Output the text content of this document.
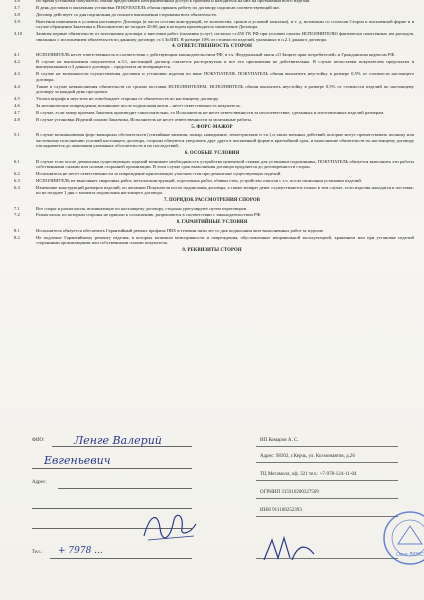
3.6	Во время установки покупатель обязан предоставить неограниченный доступ к проемам и находиться на них на протяжении всего изделия.
3.7	В день доставки и окончания установки ПОКУПАТЕЛЬ обязан принять работу по договору подписав соответствующий акт.
3.8	Договор действует со дня подписания до полного выполнения сторонами всех обязательств.
3.9	Внесения изменения в условия настоящего Договора (в части состава конструкций, ее количества, сроков и условий монтажа), и т. д. возможны со согласия Сторон в письменной форме и в случае обращения Заказчика к Исполнителю не позднее 20:00 дня в котором производится заключение Договора.
3.10	Занятия первые обязательств от исполнения договора о внесении работ (оказания услуг) согласно ст.450 ГК РФ при условии оплаты ИСПОЛНИТЕЛЮ фактически понесенных им расходов, связанных с исполнением обязательств по данному договору ст.3 ЗоЗПП. В размере 10% от стоимости изделий, указанных в п.2.1 данного договора.
4. ОТВЕТСТВЕННОСТЬ СТОРОН
4.1	ИСПОЛНИТЕЛЬ несет ответственность в соответствии с действующим законодательством РФ, в т.ч. Федеральный закон «О Защите прав потребителей» и Гражданским кодексом РФ.
4.2	В случае не выполнения покупателем п.3.1, настоящий договор считается расторгнутым и все его приложения не действительны. В случае непоставки покупателем предоплаты в вышеуказанном п.3 данного договора – предоплата не возвращается.
4.3	В случае не возможности осуществления доставки и установки изделия по вине ПОКУПАТЕЛЯ, ПОКУПАТЕЛЬ обязан выплатить неустойку в размере 0,5% от стоимости настоящего договора.
4.4	Также в случае невыполнения обязательств по срокам поставки ИСПОЛНИТЕЛЕМ, ИСПОЛНИТЕЛЬ обязан выплатить неустойку в размере 0,5% от стоимости изделий по настоящему договору за каждый день просрочки.
4.5	Уплата штрафа и неустоек не освобождает стороны от обязательств по настоящему договору.
4.6	За механические повреждения, возникшие после подписания актов – несет ответственность покупатель.
4.7	В случае, если замер проемов Заказчик производит самостоятельно, то Исполнитель не несет ответственности за несоответствие, сделанных и изготовленных изделий размерам.
4.8	В случае установки Изделий силами Заказчика, Исполнитель не несет ответственности за монтажные работы.
5. ФОРС-МАЖОР
5.1	В случае возникновения форс-мажорных обстоятельств (стихийные явления, пожар, наводнение, землетрясение и т.п.) и таких военных действий, которые могут препятствовать полному или частичному исполнению условий настоящего договора, стороны обязуются уведомить друг друга в письменной форме в кратчайший срок, и выполнение обязательств по настоящему договору откладывается до окончания указанных обстоятельств и их последствий.
6. ОСОБЫЕ УСЛОВИЯ
6.1	В случае если после демонтажа существующих изделий возникает необходимость устройства цементной стяжки для установки подоконника, ПОКУПАТЕЛЬ обязуется выполнить эти работы собственными силами или силами сторонней организации. В этом случае срок выполнения договора продляется до договоренности сторон.
6.2	Исполнитель не несет ответственности за повреждение прилегающих участков стен при демонтаже существующих изделий.
6.3	ИСПОЛНИТЕЛЬ не выполняет сварочных работ, металлоконструкций, отделочных работ, обивки стен, устройство откосов с т.ч. после окончания установки изделий.
6.4	Изменение конструкций размеров изделий, по желанию Покупателя после подписания договора, а также возврат денег осуществляется только в том случае, если изделия находятся в поставке, но не позднее 1 дня с момента подписания настоящего договора.
7. ПОРЯДОК РАССМОТРЕНИЯ СПОРОВ
7.1	Все споры и разногласия, возникающие по настоящему договору, стороны урегулируют путем переговоров.
7.2	Разногласия, по которым стороны не пришли к соглашению, разрешаются в соответствии с законодательством РФ.
8. ГАРАНТИЙНЫЕ УСЛОВИЯ
8.1	Исполнитель обязуется обеспечить Гарантийный ремонт профиля ПВХ в течении пяти лет со дня подписания акта выполненных работ за изделие.
8.2	Не подлежат Гарантийному ремонту изделия, в которых возникли неисправности и повреждения, обусловленные неправильной эксплуатацией, хранением или при установке изделий сторонними организациями или собственными силами покупателя.
9. РЕКВИЗИТЫ СТОРОН
ФИО:	Ленге Валерий
Евгеньевич
Адрес:
Тел.: + 7978 ...
ИП Комаров А. С.
Адрес: 98302, г.Керчь, ул. Космонавтов, д.26
ТЦ Мегамолл, оф. 321 тел.: +7-978-124-11-04
ОГРНИП 315910200327509
ИНН 911108252393
Окна ЛЮКС
